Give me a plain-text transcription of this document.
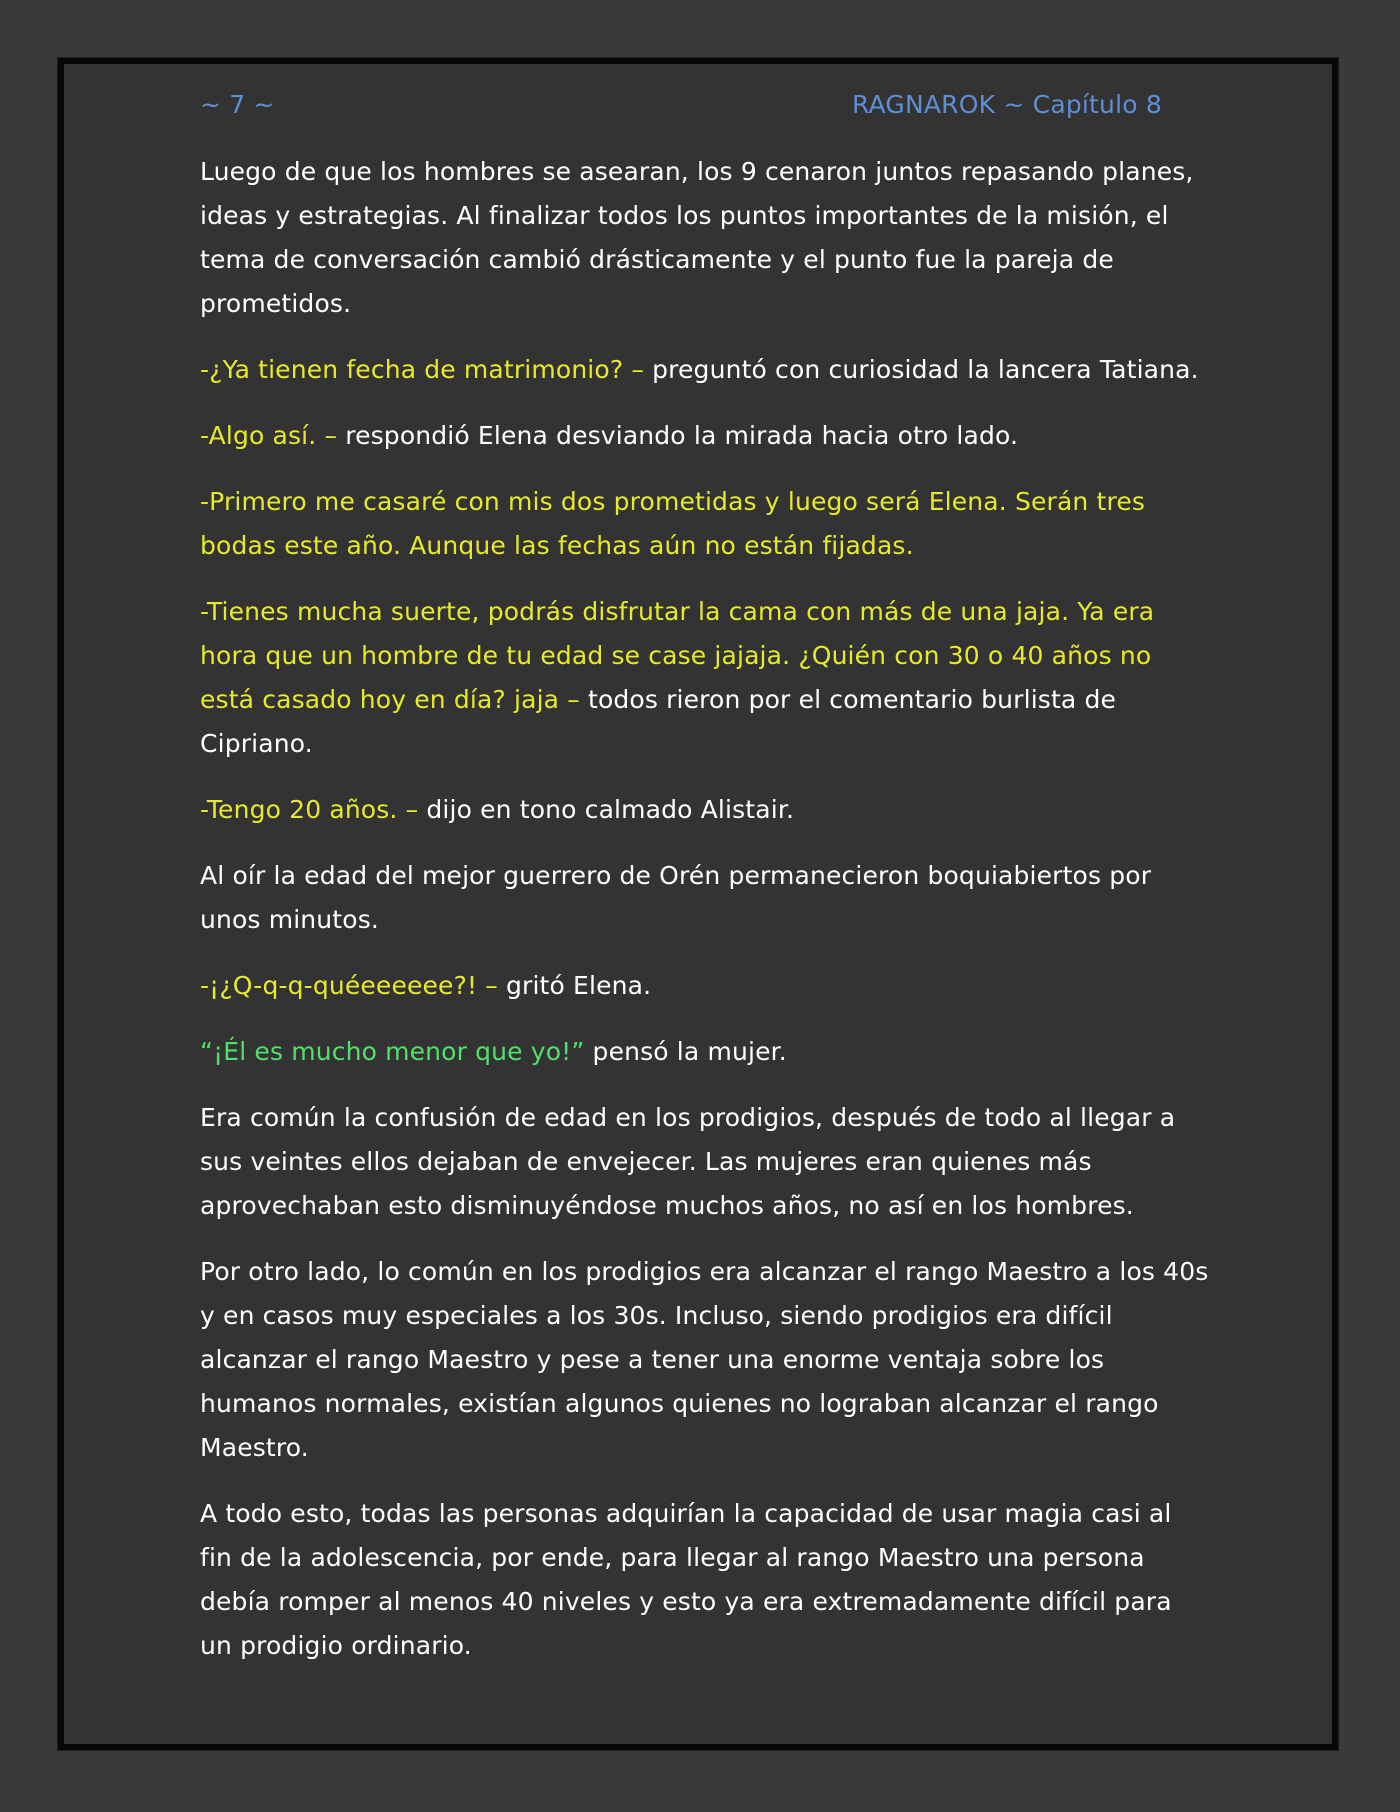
~ 7 ~	RAGNAROK ~ Capítulo 8

Luego de que los hombres se asearan, los 9 cenaron juntos repasando planes, ideas y estrategias. Al finalizar todos los puntos importantes de la misión, el tema de conversación cambió drásticamente y el punto fue la pareja de prometidos.

-¿Ya tienen fecha de matrimonio? – preguntó con curiosidad la lancera Tatiana.

-Algo así. – respondió Elena desviando la mirada hacia otro lado.

-Primero me casaré con mis dos prometidas y luego será Elena. Serán tres bodas este año. Aunque las fechas aún no están fijadas.

-Tienes mucha suerte, podrás disfrutar la cama con más de una jaja. Ya era hora que un hombre de tu edad se case jajaja. ¿Quién con 30 o 40 años no está casado hoy en día? jaja – todos rieron por el comentario burlista de Cipriano.

-Tengo 20 años. – dijo en tono calmado Alistair.

Al oír la edad del mejor guerrero de Orén permanecieron boquiabiertos por unos minutos.

-¡¿Q-q-q-quéeeeeee?! – gritó Elena.

“¡Él es mucho menor que yo!” pensó la mujer.

Era común la confusión de edad en los prodigios, después de todo al llegar a sus veintes ellos dejaban de envejecer. Las mujeres eran quienes más aprovechaban esto disminuyéndose muchos años, no así en los hombres.

Por otro lado, lo común en los prodigios era alcanzar el rango Maestro a los 40s y en casos muy especiales a los 30s. Incluso, siendo prodigios era difícil alcanzar el rango Maestro y pese a tener una enorme ventaja sobre los humanos normales, existían algunos quienes no lograban alcanzar el rango Maestro.

A todo esto, todas las personas adquirían la capacidad de usar magia casi al fin de la adolescencia, por ende, para llegar al rango Maestro una persona debía romper al menos 40 niveles y esto ya era extremadamente difícil para un prodigio ordinario.
